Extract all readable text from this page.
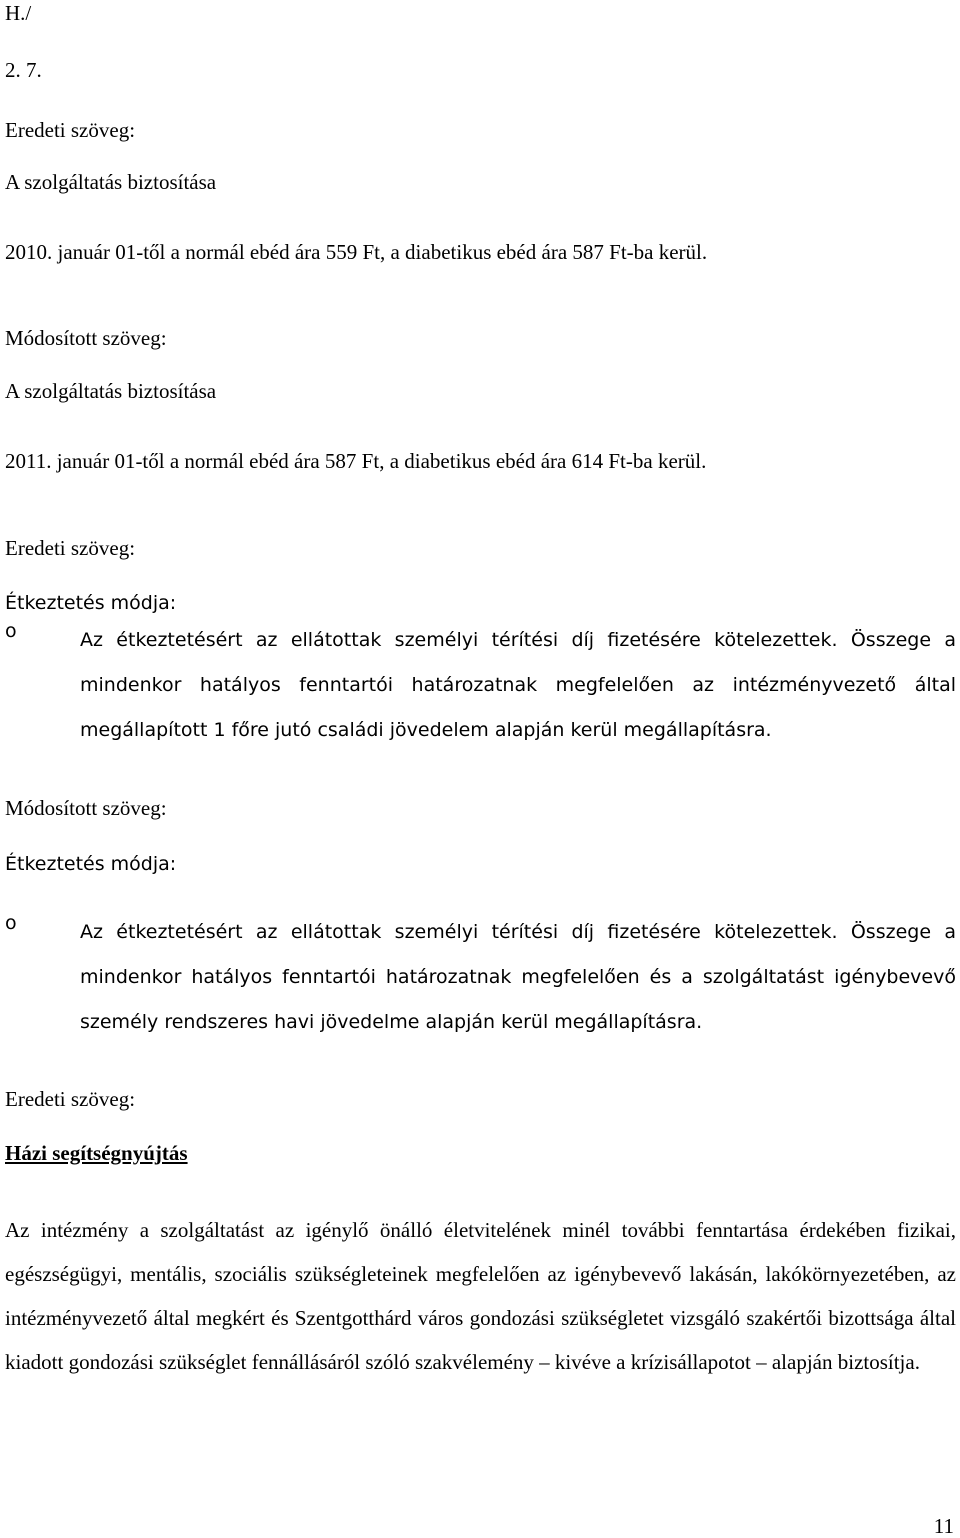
H./
2. 7.
Eredeti szöveg:
A szolgáltatás biztosítása
2010. január 01-től a normál ebéd ára 559 Ft, a diabetikus ebéd ára 587 Ft-ba kerül.
Módosított szöveg:
A szolgáltatás biztosítása
2011. január 01-től a normál ebéd ára 587 Ft, a diabetikus ebéd ára 614 Ft-ba kerül.
Eredeti szöveg:
Étkeztetés módja:
o	Az étkeztetésért az ellátottak személyi térítési díj fizetésére kötelezettek. Összege a mindenkor hatályos fenntartói határozatnak megfelelően az intézményvezető által megállapított 1 főre jutó családi jövedelem alapján kerül megállapításra.
Módosított szöveg:
Étkeztetés módja:
o	Az étkeztetésért az ellátottak személyi térítési díj fizetésére kötelezettek. Összege a mindenkor hatályos fenntartói határozatnak megfelelően és a szolgáltatást igénybevevő személy rendszeres havi jövedelme alapján kerül megállapításra.
Eredeti szöveg:
Házi segítségnyújtás
Az intézmény a szolgáltatást az igénylő önálló életvitelének minél további fenntartása érdekében fizikai, egészségügyi, mentális, szociális szükségleteinek megfelelően az igénybevevő lakásán, lakókörnyezetében, az intézményvezető által megkért és Szentgotthárd város gondozási szükségletet vizsgáló szakértői bizottsága által kiadott gondozási szükséglet fennállásáról szóló szakvélemény – kivéve a krízisállapotot – alapján biztosítja.
11
